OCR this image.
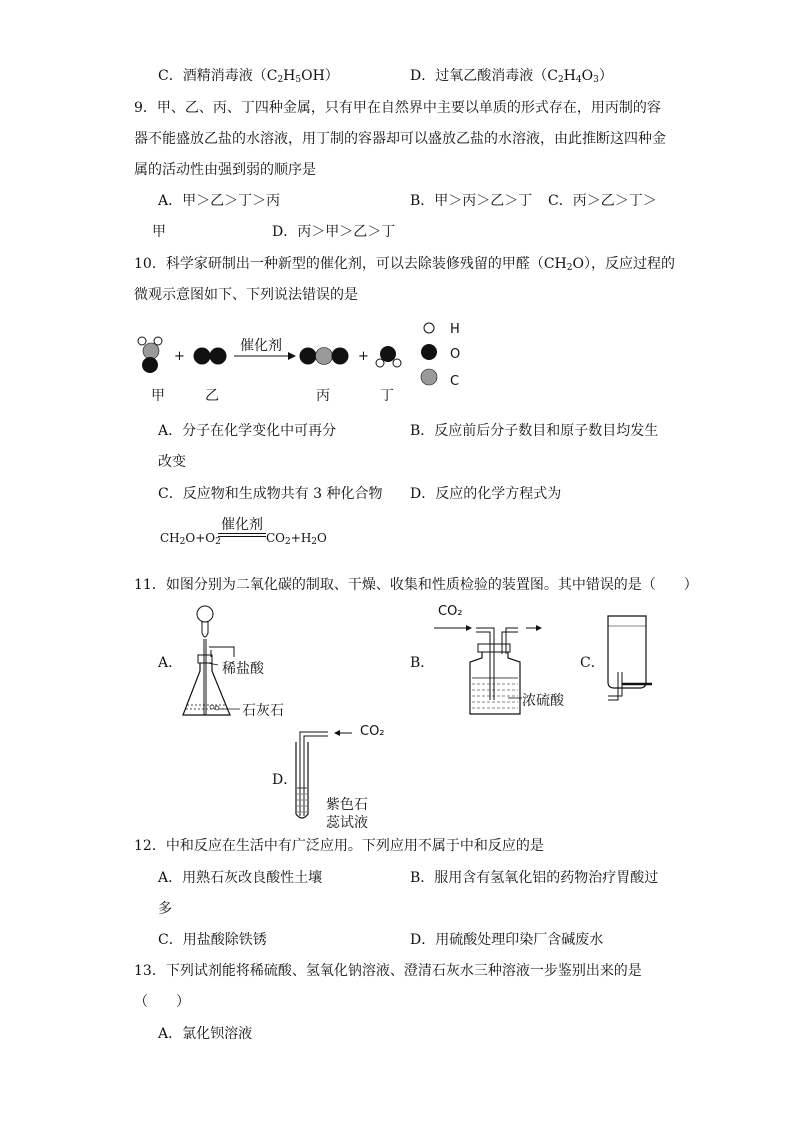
C．酒精消毒液$(C_2H_5OH)$	D．过氧乙酸消毒液$(C_2H_4O_3)$
9．甲、乙、丙、丁四种金属，只有甲在自然界中主要以单质的形式存在，用丙制的容
器不能盛放乙盐的水溶液，用丁制的容器却可以盛放乙盐的水溶液，由此推断这四种金
属的活动性由强到弱的顺序是
A．甲＞乙＞丁＞丙	B．甲＞丙＞乙＞丁 C．丙＞乙＞丁＞
甲	D．丙＞甲＞乙＞丁
10．科学家研制出一种新型的催化剂，可以去除装修残留的甲醛$(CH_2O)$，反应过程的
微观示意图如下、下列说法错误的是
+
催化剂
+
H
O
C
甲	乙	丙	丁
A．分子在化学变化中可再分	B．反应前后分子数目和原子数目均发生
改变
C．反应物和生成物共有 3 种化合物 D．反应的化学方程式为
催化剂
$CH_2O+O_2$	$CO_2+H_2O$
11．如图分别为二氧化碳的制取、干燥、收集和性质检验的装置图。其中错误的是（　　）
A．	稀盐酸
石灰石
B．
CO₂
浓硫酸
C．
D．
CO₂
紫色石
蕊试液
12．中和反应在生活中有广泛应用。下列应用不属于中和反应的是
A．用熟石灰改良酸性土壤	B．服用含有氢氧化铝的药物治疗胃酸过
多
C．用盐酸除铁锈	D．用硫酸处理印染厂含碱废水
13．下列试剂能将稀硫酸、氢氧化钠溶液、澄清石灰水三种溶液一步鉴别出来的是
（　　）
A．氯化钡溶液
